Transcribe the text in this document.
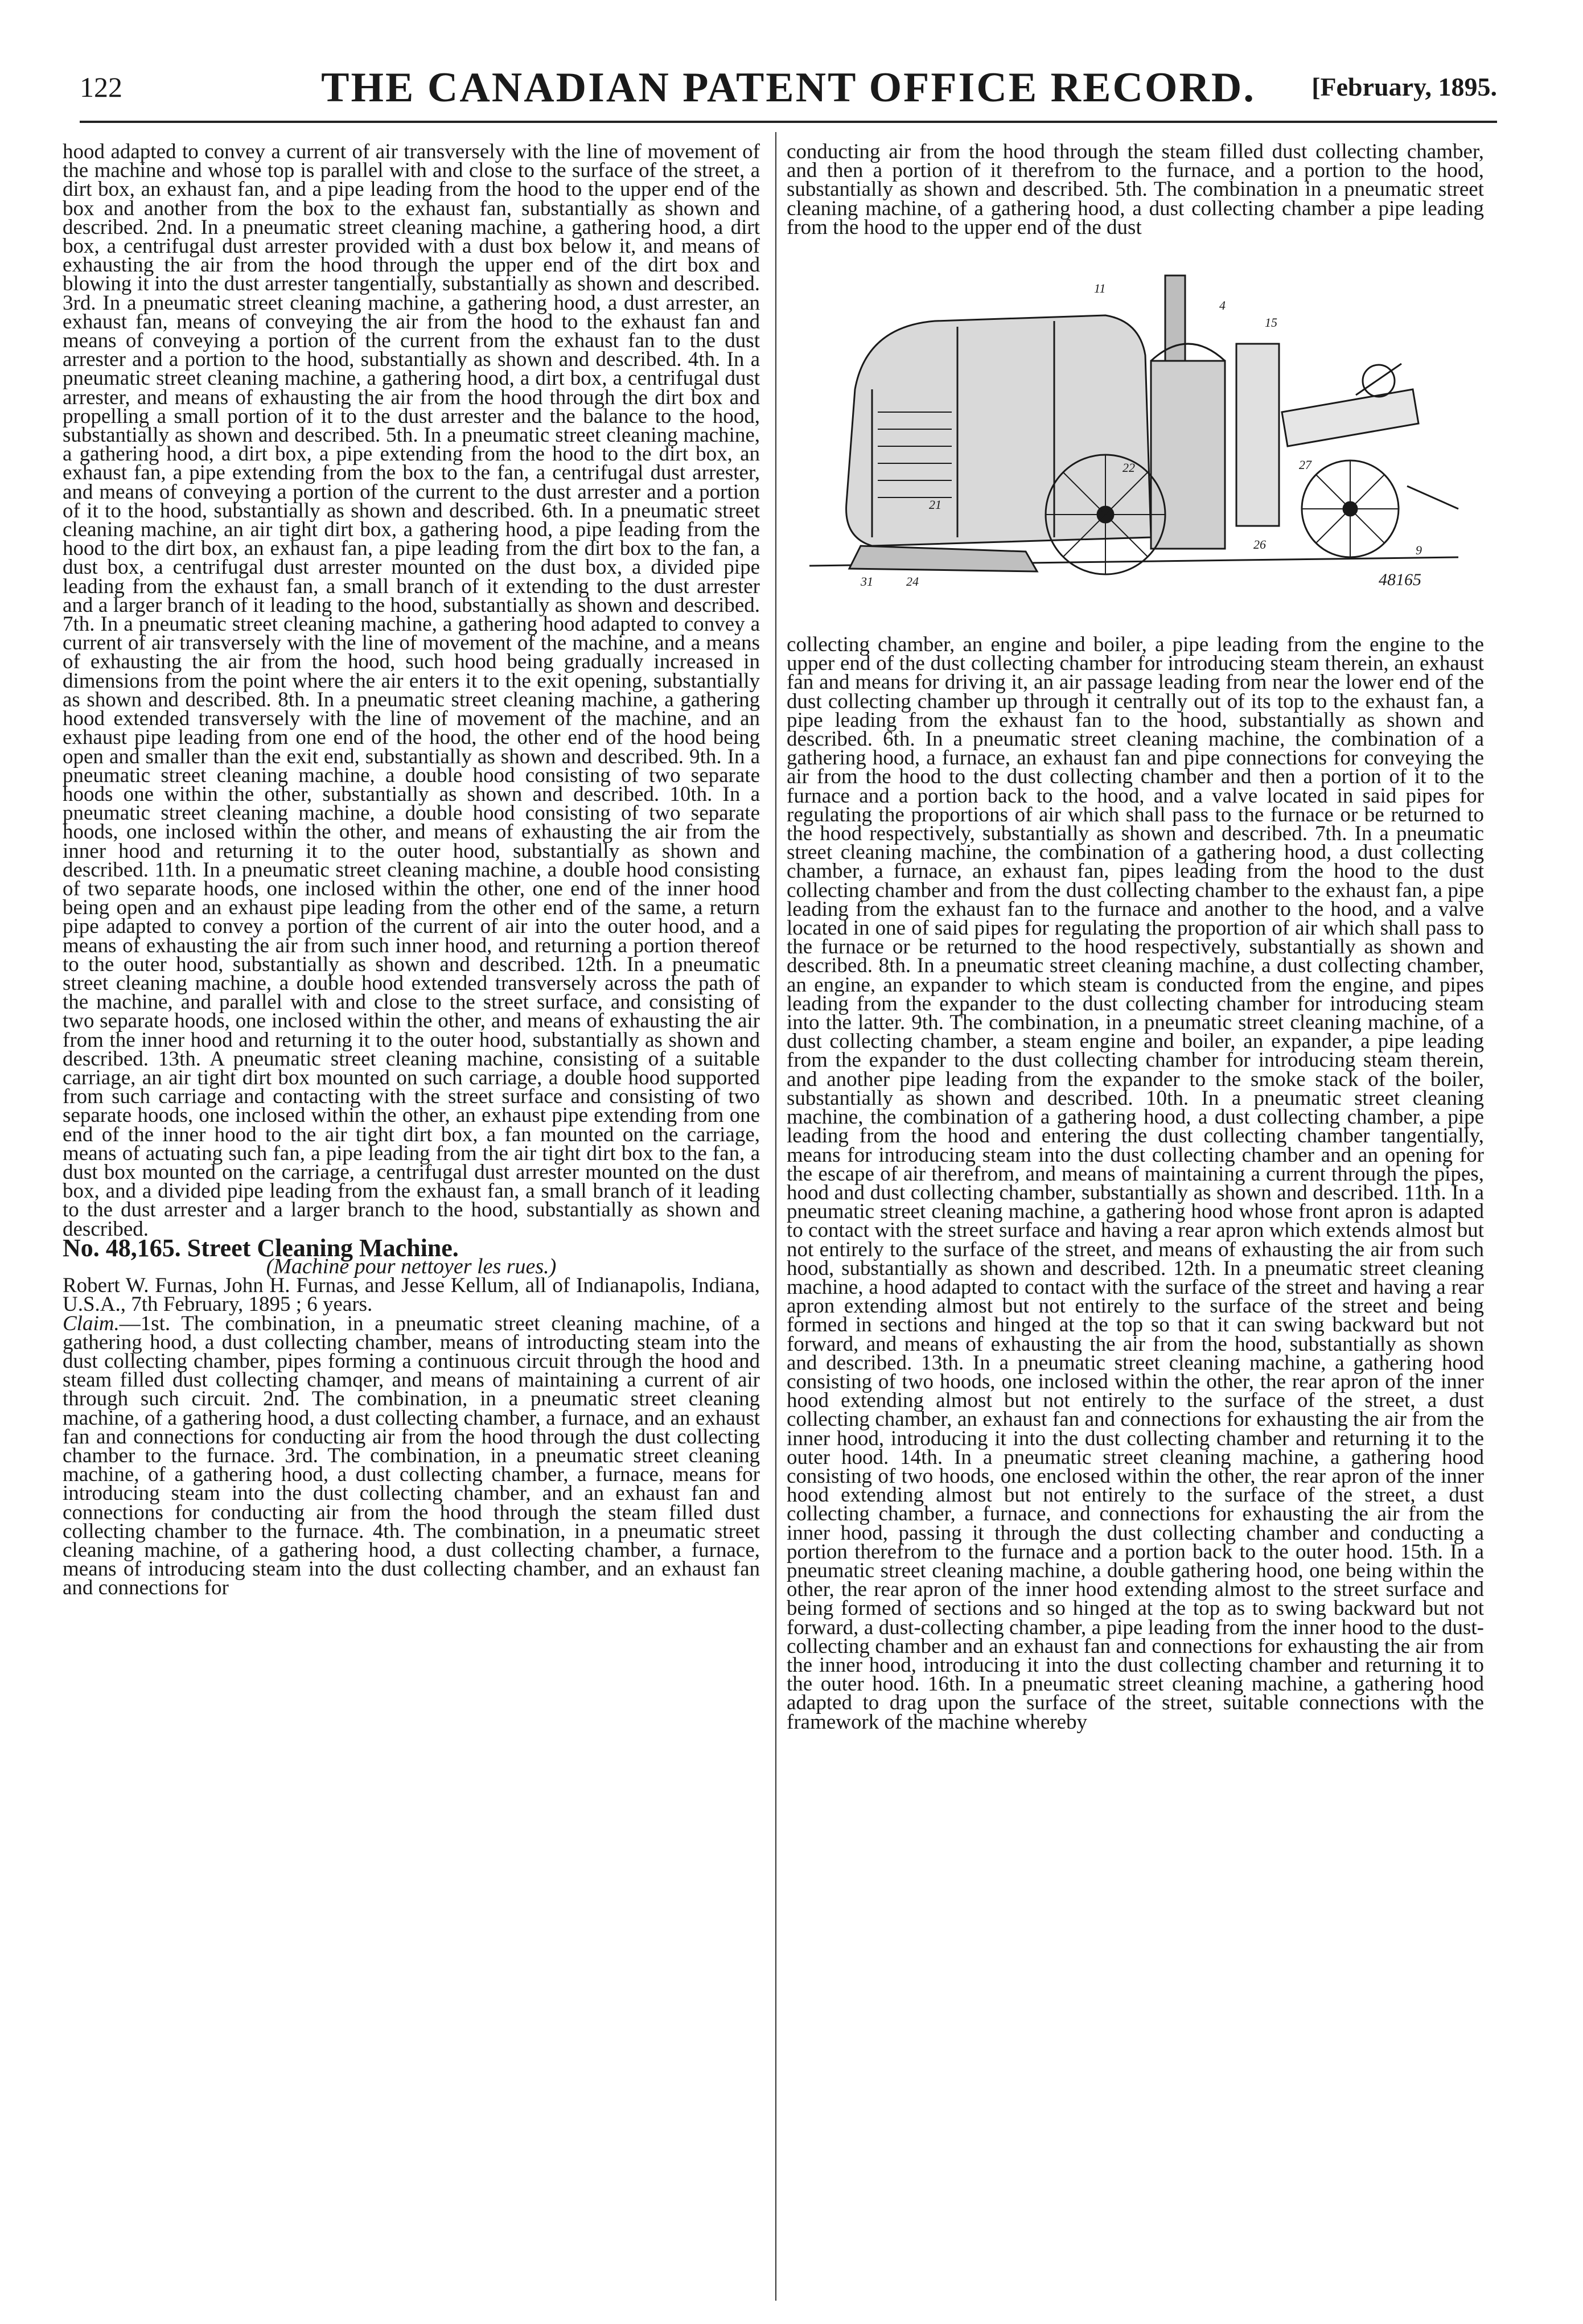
122	THE CANADIAN PATENT OFFICE RECORD.	[February, 1895.

hood adapted to convey a current of air transversely with the line of movement of the machine and whose top is parallel with and close to the surface of the street, a dirt box, an exhaust fan, and a pipe leading from the hood to the upper end of the box and another from the box to the exhaust fan, substantially as shown and described. 2nd. In a pneumatic street cleaning machine, a gathering hood, a dirt box, a centrifugal dust arrester provided with a dust box below it, and means of exhausting the air from the hood through the upper end of the dirt box and blowing it into the dust arrester tangentially, substantially as shown and described. 3rd. In a pneumatic street cleaning machine, a gathering hood, a dust arrester, an exhaust fan, means of conveying the air from the hood to the exhaust fan and means of conveying a portion of the current from the exhaust fan to the dust arrester and a portion to the hood, substantially as shown and described. 4th. In a pneumatic street cleaning machine, a gathering hood, a dirt box, a centrifugal dust arrester, and means of exhausting the air from the hood through the dirt box and propelling a small portion of it to the dust arrester and the balance to the hood, substantially as shown and described. 5th. In a pneumatic street cleaning machine, a gathering hood, a dirt box, a pipe extending from the hood to the dirt box, an exhaust fan, a pipe extending from the box to the fan, a centrifugal dust arrester, and means of conveying a portion of the current to the dust arrester and a portion of it to the hood, substantially as shown and described. 6th. In a pneumatic street cleaning machine, an air tight dirt box, a gathering hood, a pipe leading from the hood to the dirt box, an exhaust fan, a pipe leading from the dirt box to the fan, a dust box, a centrifugal dust arrester mounted on the dust box, a divided pipe leading from the exhaust fan, a small branch of it extending to the dust arrester and a larger branch of it leading to the hood, substantially as shown and described. 7th. In a pneumatic street cleaning machine, a gathering hood adapted to convey a current of air transversely with the line of movement of the machine, and a means of exhausting the air from the hood, such hood being gradually increased in dimensions from the point where the air enters it to the exit opening, substantially as shown and described. 8th. In a pneumatic street cleaning machine, a gathering hood extended transversely with the line of movement of the machine, and an exhaust pipe leading from one end of the hood, the other end of the hood being open and smaller than the exit end, substantially as shown and described. 9th. In a pneumatic street cleaning machine, a double hood consisting of two separate hoods one within the other, substantially as shown and described. 10th. In a pneumatic street cleaning machine, a double hood consisting of two separate hoods, one inclosed within the other, and means of exhausting the air from the inner hood and returning it to the outer hood, substantially as shown and described. 11th. In a pneumatic street cleaning machine, a double hood consisting of two separate hoods, one inclosed within the other, one end of the inner hood being open and an exhaust pipe leading from the other end of the same, a return pipe adapted to convey a portion of the current of air into the outer hood, and a means of exhausting the air from such inner hood, and returning a portion thereof to the outer hood, substantially as shown and described. 12th. In a pneumatic street cleaning machine, a double hood extended transversely across the path of the machine, and parallel with and close to the street surface, and consisting of two separate hoods, one inclosed within the other, and means of exhausting the air from the inner hood and returning it to the outer hood, substantially as shown and described. 13th. A pneumatic street cleaning machine, consisting of a suitable carriage, an air tight dirt box mounted on such carriage, a double hood supported from such carriage and contacting with the street surface and consisting of two separate hoods, one inclosed within the other, an exhaust pipe extending from one end of the inner hood to the air tight dirt box, a fan mounted on the carriage, means of actuating such fan, a pipe leading from the air tight dirt box to the fan, a dust box mounted on the carriage, a centrifugal dust arrester mounted on the dust box, and a divided pipe leading from the exhaust fan, a small branch of it leading to the dust arrester and a larger branch to the hood, substantially as shown and described.

No. 48,165. Street Cleaning Machine.

(Machine pour nettoyer les rues.)

Robert W. Furnas, John H. Furnas, and Jesse Kellum, all of Indianapolis, Indiana, U.S.A., 7th February, 1895 ; 6 years.

Claim.—1st. The combination, in a pneumatic street cleaning machine, of a gathering hood, a dust collecting chamber, means of introducting steam into the dust collecting chamber, pipes forming a continuous circuit through the hood and steam filled dust collecting chamqer, and means of maintaining a current of air through such circuit. 2nd. The combination, in a pneumatic street cleaning machine, of a gathering hood, a dust collecting chamber, a furnace, and an exhaust fan and connections for conducting air from the hood through the dust collecting chamber to the furnace. 3rd. The combination, in a pneumatic street cleaning machine, of a gathering hood, a dust collecting chamber, a furnace, means for introducing steam into the dust collecting chamber, and an exhaust fan and connections for conducting air from the hood through the steam filled dust collecting chamber to the furnace. 4th. The combination, in a pneumatic street cleaning machine, of a gathering hood, a dust collecting chamber, a furnace, means of introducing steam into the dust collecting chamber, and an exhaust fan and connections for

conducting air from the hood through the steam filled dust collecting chamber, and then a portion of it therefrom to the furnace, and a portion to the hood, substantially as shown and described. 5th. The combination in a pneumatic street cleaning machine, of a gathering hood, a dust collecting chamber a pipe leading from the hood to the upper end of the dust

11
15
4
27
21
22
26
24
31
9
48165

collecting chamber, an engine and boiler, a pipe leading from the engine to the upper end of the dust collecting chamber for introducing steam therein, an exhaust fan and means for driving it, an air passage leading from near the lower end of the dust collecting chamber up through it centrally out of its top to the exhaust fan, a pipe leading from the exhaust fan to the hood, substantially as shown and described. 6th. In a pneumatic street cleaning machine, the combination of a gathering hood, a furnace, an exhaust fan and pipe connections for conveying the air from the hood to the dust collecting chamber and then a portion of it to the furnace and a portion back to the hood, and a valve located in said pipes for regulating the proportions of air which shall pass to the furnace or be returned to the hood respectively, substantially as shown and described. 7th. In a pneumatic street cleaning machine, the combination of a gathering hood, a dust collecting chamber, a furnace, an exhaust fan, pipes leading from the hood to the dust collecting chamber and from the dust collecting chamber to the exhaust fan, a pipe leading from the exhaust fan to the furnace and another to the hood, and a valve located in one of said pipes for regulating the proportion of air which shall pass to the furnace or be returned to the hood respectively, substantially as shown and described. 8th. In a pneumatic street cleaning machine, a dust collecting chamber, an engine, an expander to which steam is conducted from the engine, and pipes leading from the expander to the dust collecting chamber for introducing steam into the latter. 9th. The combination, in a pneumatic street cleaning machine, of a dust collecting chamber, a steam engine and boiler, an expander, a pipe leading from the expander to the dust collecting chamber for introducing steam therein, and another pipe leading from the expander to the smoke stack of the boiler, substantially as shown and described. 10th. In a pneumatic street cleaning machine, the combination of a gathering hood, a dust collecting chamber, a pipe leading from the hood and entering the dust collecting chamber tangentially, means for introducing steam into the dust collecting chamber and an opening for the escape of air therefrom, and means of maintaining a current through the pipes, hood and dust collecting chamber, substantially as shown and described. 11th. In a pneumatic street cleaning machine, a gathering hood whose front apron is adapted to contact with the street surface and having a rear apron which extends almost but not entirely to the surface of the street, and means of exhausting the air from such hood, substantially as shown and described. 12th. In a pneumatic street cleaning machine, a hood adapted to contact with the surface of the street and having a rear apron extending almost but not entirely to the surface of the street and being formed in sections and hinged at the top so that it can swing backward but not forward, and means of exhausting the air from the hood, substantially as shown and described. 13th. In a pneumatic street cleaning machine, a gathering hood consisting of two hoods, one inclosed within the other, the rear apron of the inner hood extending almost but not entirely to the surface of the street, a dust collecting chamber, an exhaust fan and connections for exhausting the air from the inner hood, introducing it into the dust collecting chamber and returning it to the outer hood. 14th. In a pneumatic street cleaning machine, a gathering hood consisting of two hoods, one enclosed within the other, the rear apron of the inner hood extending almost but not entirely to the surface of the street, a dust collecting chamber, a furnace, and connections for exhausting the air from the inner hood, passing it through the dust collecting chamber and conducting a portion therefrom to the furnace and a portion back to the outer hood. 15th. In a pneumatic street cleaning machine, a double gathering hood, one being within the other, the rear apron of the inner hood extending almost to the street surface and being formed of sections and so hinged at the top as to swing backward but not forward, a dust-collecting chamber, a pipe leading from the inner hood to the dust-collecting chamber and an exhaust fan and connections for exhausting the air from the inner hood, introducing it into the dust collecting chamber and returning it to the outer hood. 16th. In a pneumatic street cleaning machine, a gathering hood adapted to drag upon the surface of the street, suitable connections with the framework of the machine whereby
